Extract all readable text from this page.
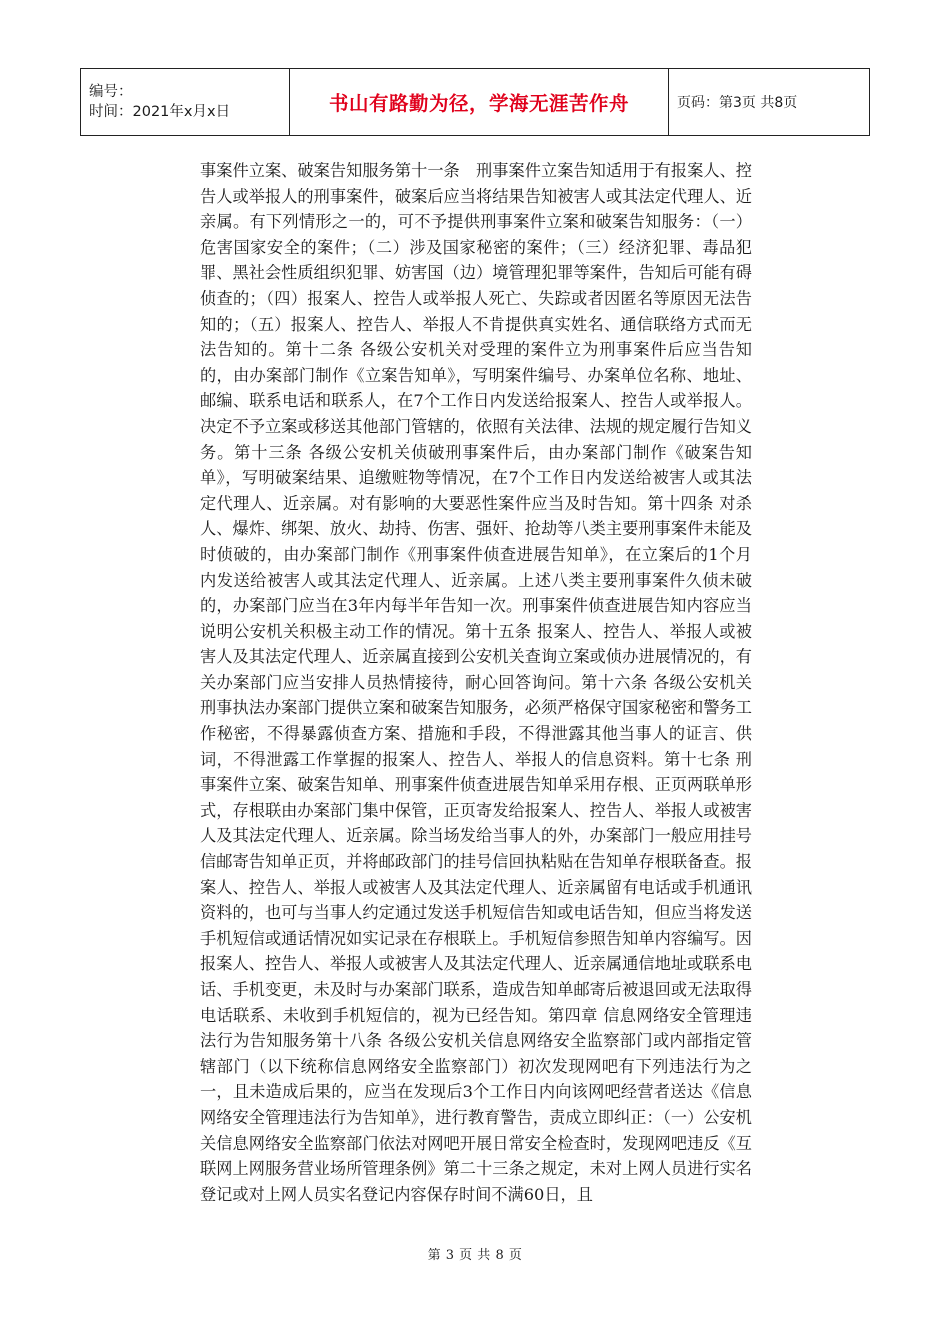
编号：
时间：2021年x月x日	书山有路勤为径，学海无涯苦作舟	页码：第3页 共8页

事案件立案、破案告知服务第十一条　刑事案件立案告知适用于有报案人、控告人或举报人的刑事案件，破案后应当将结果告知被害人或其法定代理人、近亲属。有下列情形之一的，可不予提供刑事案件立案和破案告知服务：（一）危害国家安全的案件；（二）涉及国家秘密的案件；（三）经济犯罪、毒品犯罪、黑社会性质组织犯罪、妨害国（边）境管理犯罪等案件，告知后可能有碍侦查的；（四）报案人、控告人或举报人死亡、失踪或者因匿名等原因无法告知的；（五）报案人、控告人、举报人不肯提供真实姓名、通信联络方式而无法告知的。第十二条 各级公安机关对受理的案件立为刑事案件后应当告知的，由办案部门制作《立案告知单》，写明案件编号、办案单位名称、地址、邮编、联系电话和联系人，在7个工作日内发送给报案人、控告人或举报人。决定不予立案或移送其他部门管辖的，依照有关法律、法规的规定履行告知义务。第十三条 各级公安机关侦破刑事案件后，由办案部门制作《破案告知单》，写明破案结果、追缴赃物等情况，在7个工作日内发送给被害人或其法定代理人、近亲属。对有影响的大要恶性案件应当及时告知。第十四条 对杀人、爆炸、绑架、放火、劫持、伤害、强奸、抢劫等八类主要刑事案件未能及时侦破的，由办案部门制作《刑事案件侦查进展告知单》，在立案后的1个月内发送给被害人或其法定代理人、近亲属。上述八类主要刑事案件久侦未破的，办案部门应当在3年内每半年告知一次。刑事案件侦查进展告知内容应当说明公安机关积极主动工作的情况。第十五条 报案人、控告人、举报人或被害人及其法定代理人、近亲属直接到公安机关查询立案或侦办进展情况的，有关办案部门应当安排人员热情接待，耐心回答询问。第十六条 各级公安机关刑事执法办案部门提供立案和破案告知服务，必须严格保守国家秘密和警务工作秘密，不得暴露侦查方案、措施和手段，不得泄露其他当事人的证言、供词，不得泄露工作掌握的报案人、控告人、举报人的信息资料。第十七条 刑事案件立案、破案告知单、刑事案件侦查进展告知单采用存根、正页两联单形式，存根联由办案部门集中保管，正页寄发给报案人、控告人、举报人或被害人及其法定代理人、近亲属。除当场发给当事人的外，办案部门一般应用挂号信邮寄告知单正页，并将邮政部门的挂号信回执粘贴在告知单存根联备查。报案人、控告人、举报人或被害人及其法定代理人、近亲属留有电话或手机通讯资料的，也可与当事人约定通过发送手机短信告知或电话告知，但应当将发送手机短信或通话情况如实记录在存根联上。手机短信参照告知单内容编写。因报案人、控告人、举报人或被害人及其法定代理人、近亲属通信地址或联系电话、手机变更，未及时与办案部门联系，造成告知单邮寄后被退回或无法取得电话联系、未收到手机短信的，视为已经告知。第四章 信息网络安全管理违法行为告知服务第十八条 各级公安机关信息网络安全监察部门或内部指定管辖部门（以下统称信息网络安全监察部门）初次发现网吧有下列违法行为之一，且未造成后果的，应当在发现后3个工作日内向该网吧经营者送达《信息网络安全管理违法行为告知单》，进行教育警告，责成立即纠正：（一）公安机关信息网络安全监察部门依法对网吧开展日常安全检查时，发现网吧违反《互联网上网服务营业场所管理条例》第二十三条之规定，未对上网人员进行实名登记或对上网人员实名登记内容保存时间不满60日，且

第 3 页 共 8 页
